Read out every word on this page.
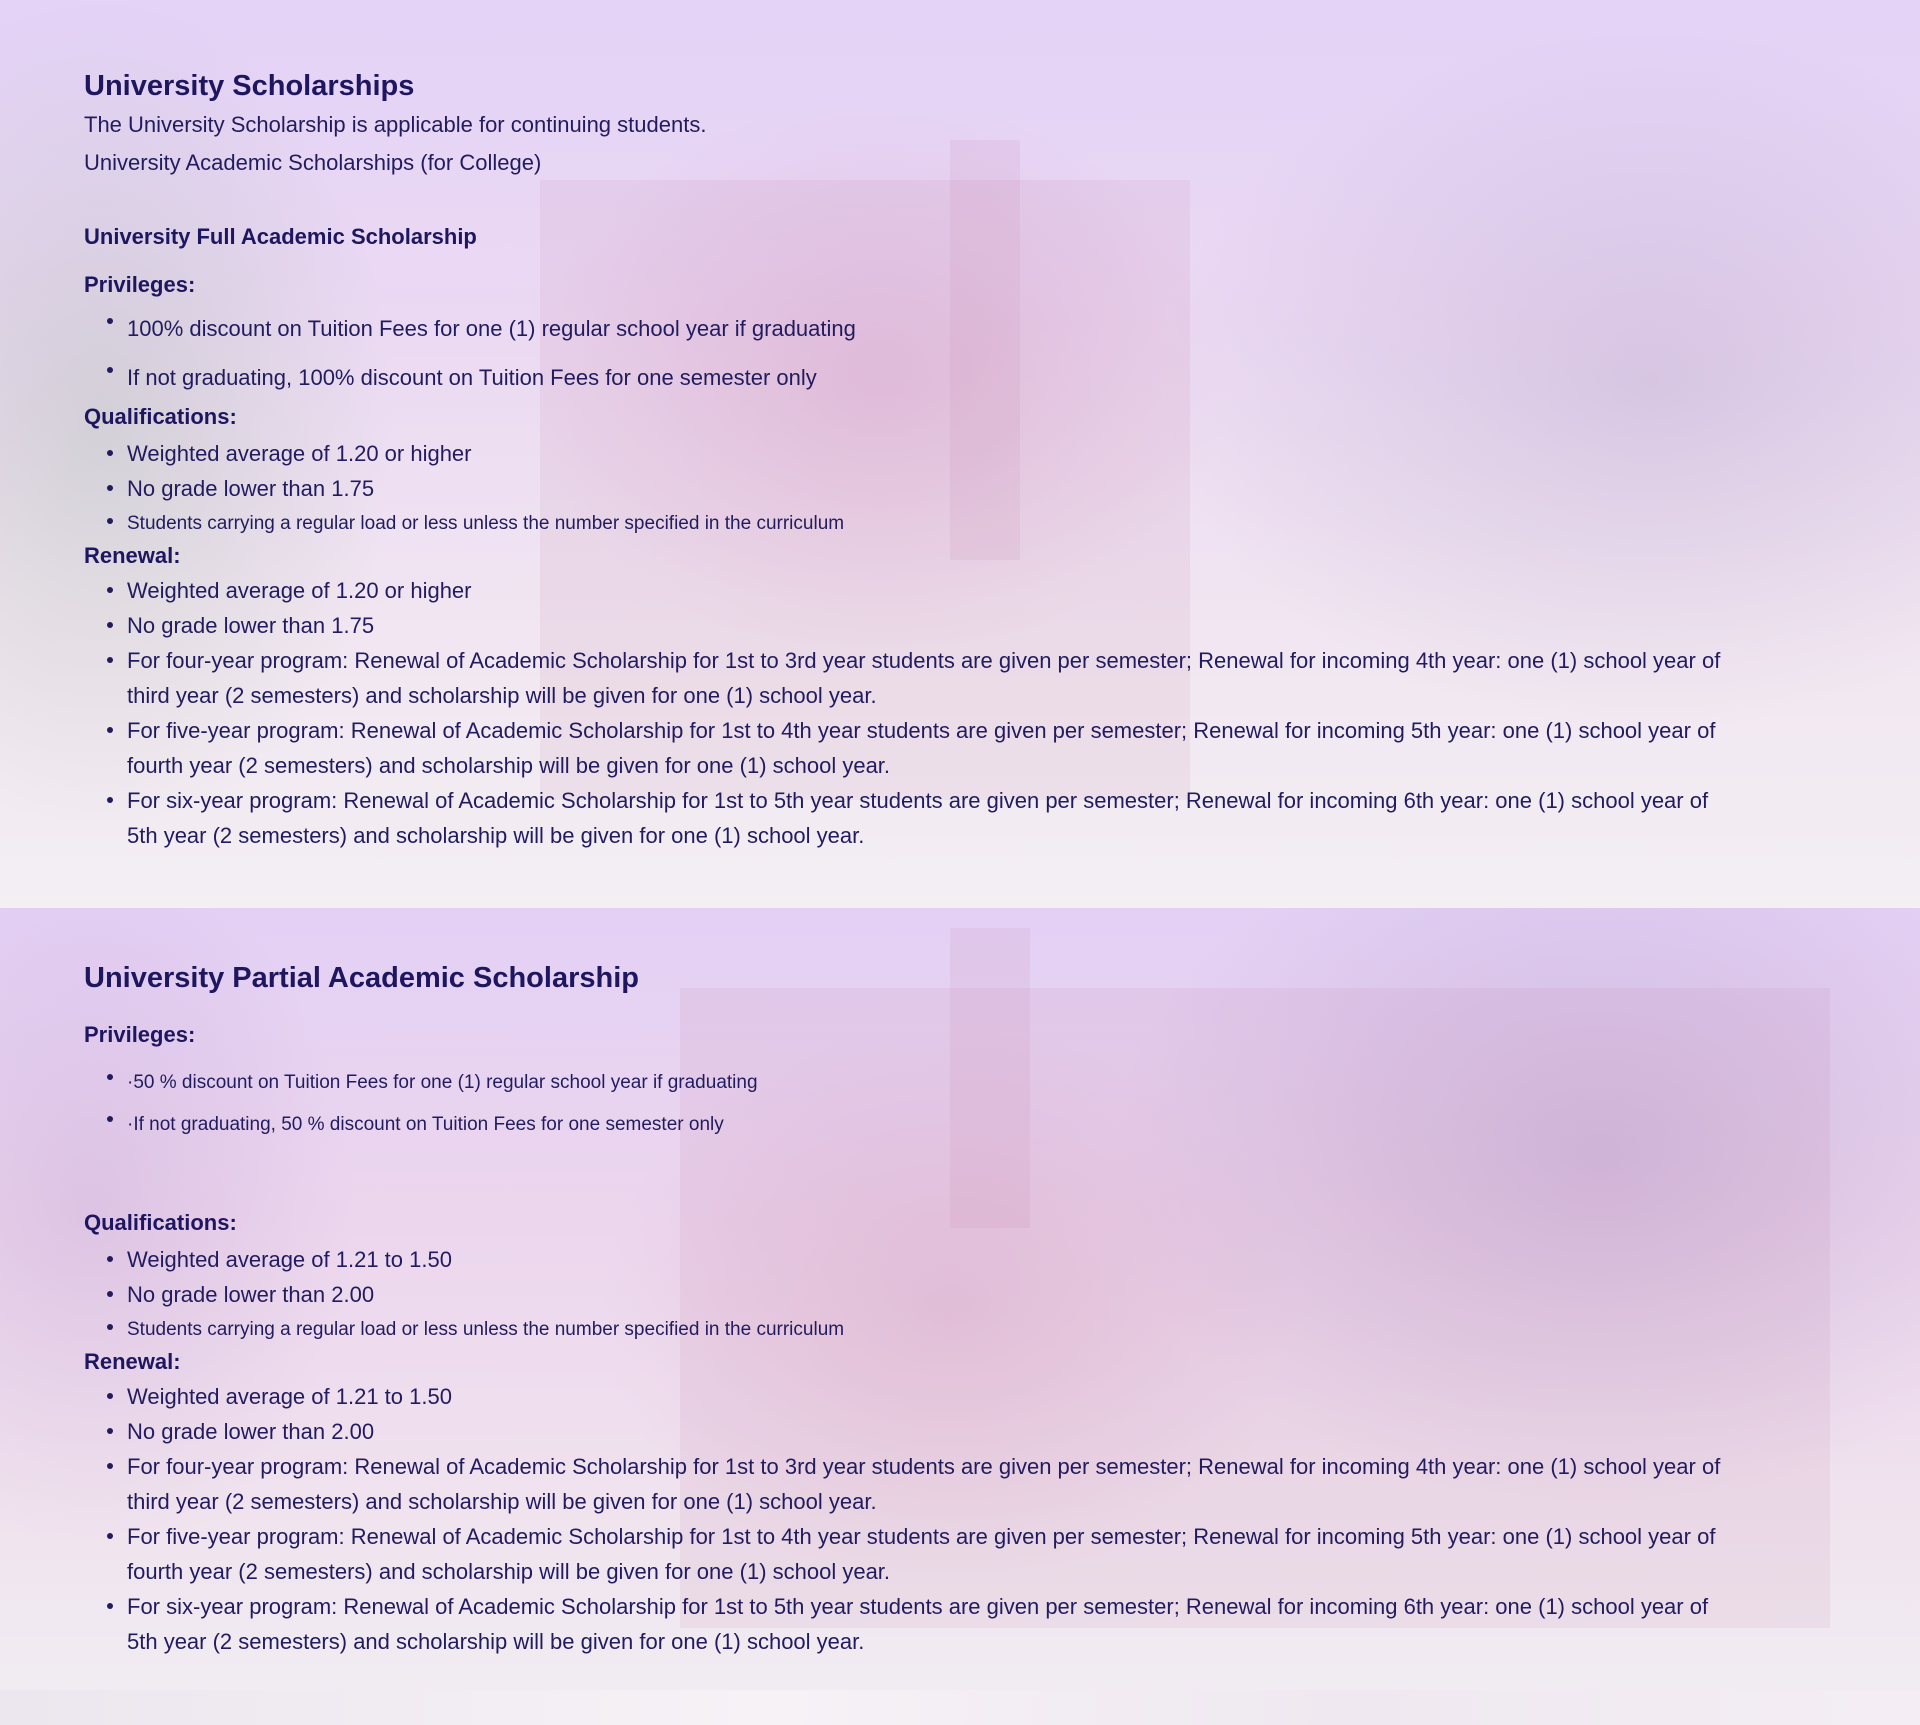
University Scholarships

The University Scholarship is applicable for continuing students.

University Academic Scholarships (for College)

University Full Academic Scholarship

Privileges:

100% discount on Tuition Fees for one (1) regular school year if graduating
If not graduating, 100% discount on Tuition Fees for one semester only

Qualifications:

Weighted average of 1.20 or higher
No grade lower than 1.75
Students carrying a regular load or less unless the number specified in the curriculum

Renewal:

Weighted average of 1.20 or higher
No grade lower than 1.75
For four-year program: Renewal of Academic Scholarship for 1st to 3rd year students are given per semester; Renewal for incoming 4th year: one (1) school year of third year (2 semesters) and scholarship will be given for one (1) school year.
For five-year program: Renewal of Academic Scholarship for 1st to 4th year students are given per semester; Renewal for incoming 5th year: one (1) school year of fourth year (2 semesters) and scholarship will be given for one (1) school year.
For six-year program: Renewal of Academic Scholarship for 1st to 5th year students are given per semester; Renewal for incoming 6th year: one (1) school year of 5th year (2 semesters) and scholarship will be given for one (1) school year.
University Partial Academic Scholarship

Privileges:

·50 % discount on Tuition Fees for one (1) regular school year if graduating
·If not graduating, 50 % discount on Tuition Fees for one semester only

Qualifications:

Weighted average of 1.21 to 1.50
No grade lower than 2.00
Students carrying a regular load or less unless the number specified in the curriculum

Renewal:

Weighted average of 1.21 to 1.50
No grade lower than 2.00
For four-year program: Renewal of Academic Scholarship for 1st to 3rd year students are given per semester; Renewal for incoming 4th year: one (1) school year of third year (2 semesters) and scholarship will be given for one (1) school year.
For five-year program: Renewal of Academic Scholarship for 1st to 4th year students are given per semester; Renewal for incoming 5th year: one (1) school year of fourth year (2 semesters) and scholarship will be given for one (1) school year.
For six-year program: Renewal of Academic Scholarship for 1st to 5th year students are given per semester; Renewal for incoming 6th year: one (1) school year of 5th year (2 semesters) and scholarship will be given for one (1) school year.
